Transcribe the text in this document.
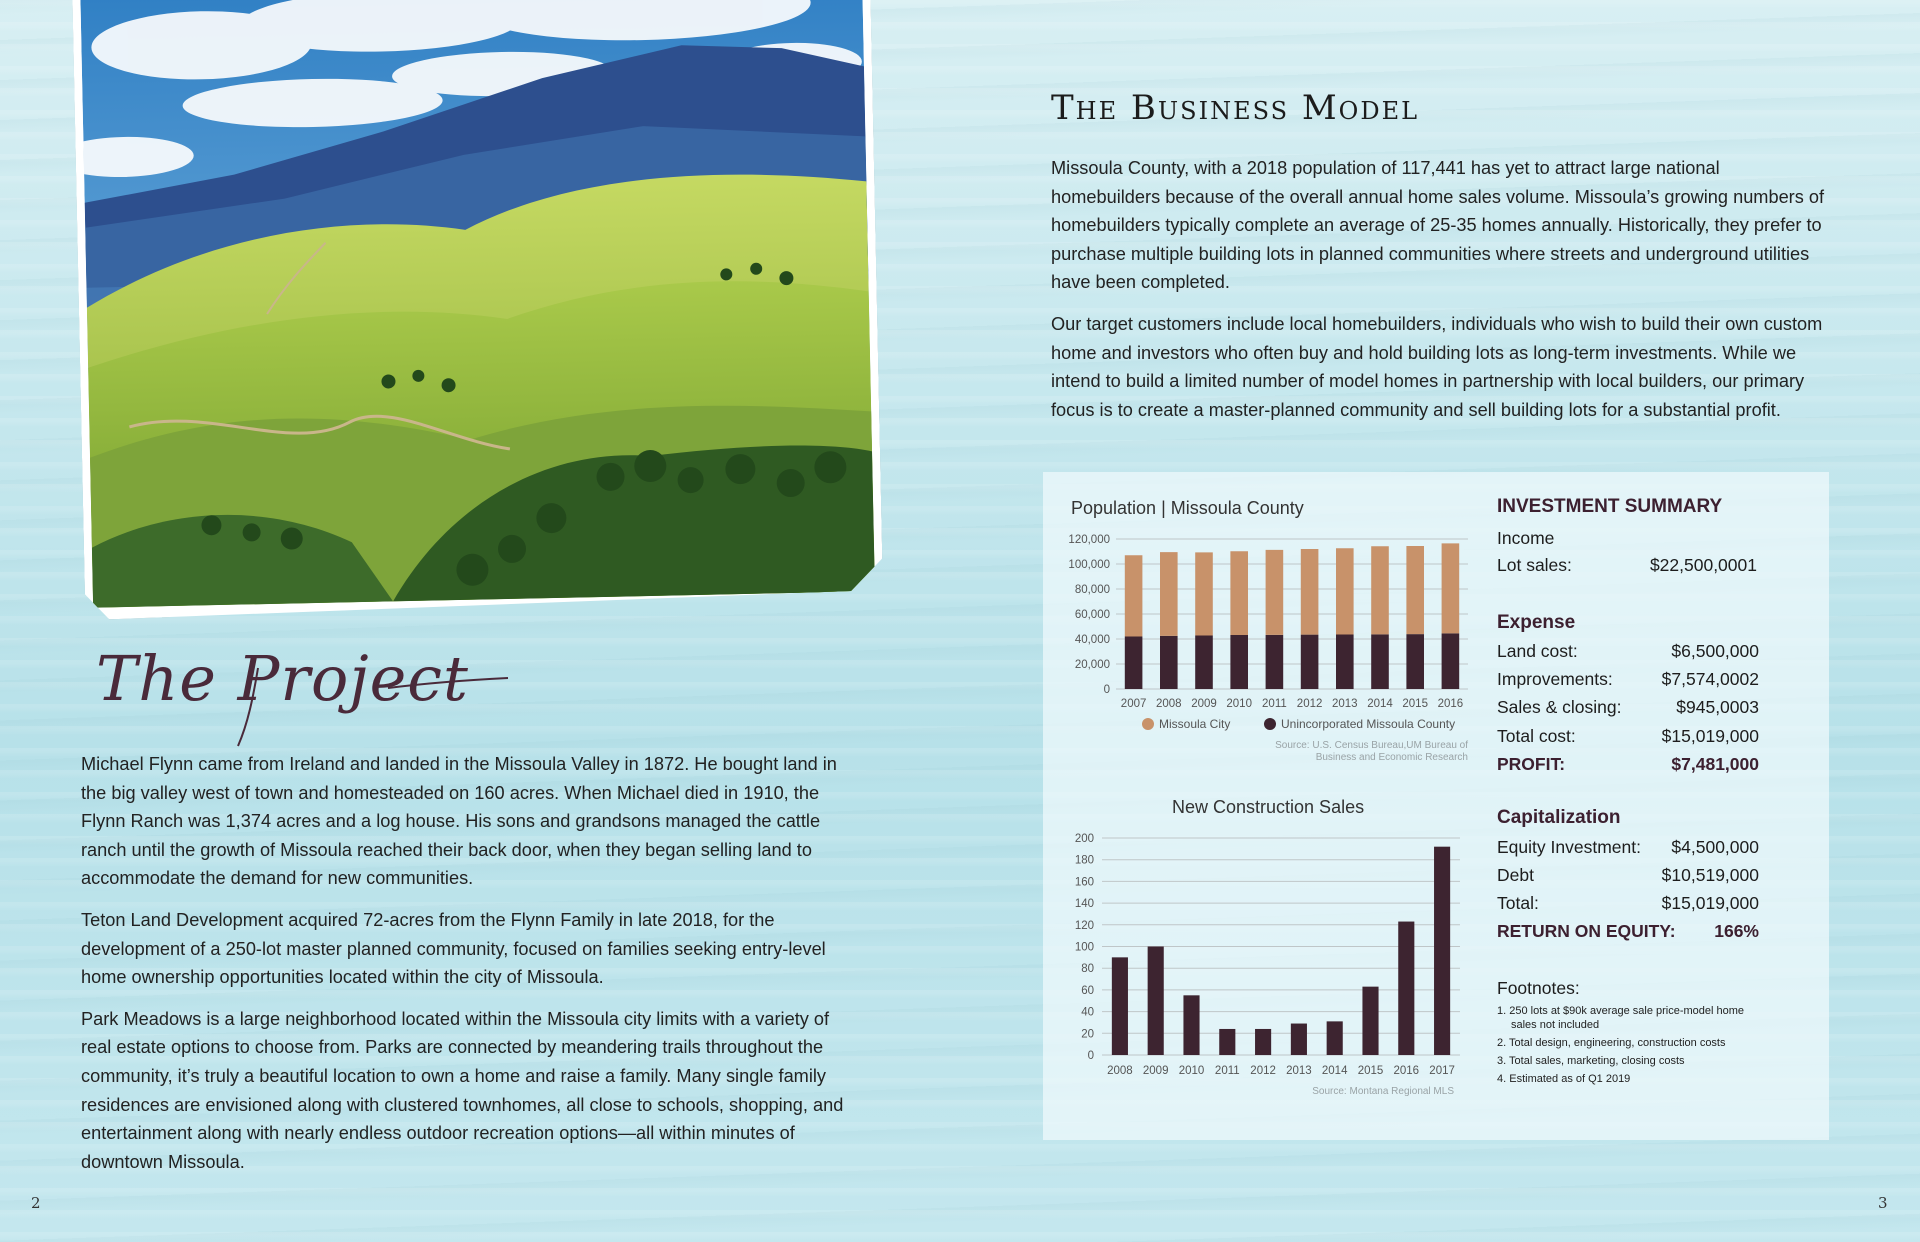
The Project

Michael Flynn came from Ireland and landed in the Missoula Valley in 1872. He bought land in the big valley west of town and homesteaded on 160 acres. When Michael died in 1910, the Flynn Ranch was 1,374 acres and a log house. His sons and grandsons managed the cattle ranch until the growth of Missoula reached their back door, when they began selling land to accommodate the demand for new communities.

Teton Land Development acquired 72-acres from the Flynn Family in late 2018, for the development of a 250-lot master planned community, focused on families seeking entry-level home ownership opportunities located within the city of Missoula.

Park Meadows is a large neighborhood located within the Missoula city limits with a variety of real estate options to choose from. Parks are connected by meandering trails throughout the community, it’s truly a beautiful location to own a home and raise a family. Many single family residences are envisioned along with clustered townhomes, all close to schools, shopping, and entertainment along with nearly endless outdoor recreation options—all within minutes of downtown Missoula.

The Business Model

Missoula County, with a 2018 population of 117,441 has yet to attract large national homebuilders because of the overall annual home sales volume. Missoula’s growing numbers of homebuilders typically complete an average of 25-35 homes annually. Historically, they prefer to purchase multiple building lots in planned communities where streets and underground utilities have been completed.

Our target customers include local homebuilders, individuals who wish to build their own custom home and investors who often buy and hold building lots as long-term investments. While we intend to build a limited number of model homes in partnership with local builders, our primary focus is to create a master-planned community and sell building lots for a substantial profit.

Population | Missoula County
0
20,000
40,000
60,000
80,000
100,000
120,000
2007 2008 2009 2010 2011 2012 2013 2014 2015 2016
Missoula City	Unincorporated Missoula County
Source: U.S. Census Bureau,UM Bureau of
Business and Economic Research
New Construction Sales
0
20
40
60
80
100
120
140
160
180
200
2008 2009 2010 2011 2012 2013 2014 2015 2016 2017
Source: Montana Regional MLS
INVESTMENT SUMMARY
Income
Lot sales:	$22,500,0001
Expense
Land cost:	$6,500,000
Improvements:	$7,574,0002
Sales & closing:	$945,0003
Total cost:	$15,019,000
PROFIT:	$7,481,000
Capitalization
Equity Investment: $4,500,000
Debt	$10,519,000
Total:	$15,019,000
RETURN ON EQUITY: 166%
Footnotes:
1. 250 lots at $90k average sale price-model home
sales not included
2. Total design, engineering, construction costs
3. Total sales, marketing, closing costs
4. Estimated as of Q1 2019
2	3
